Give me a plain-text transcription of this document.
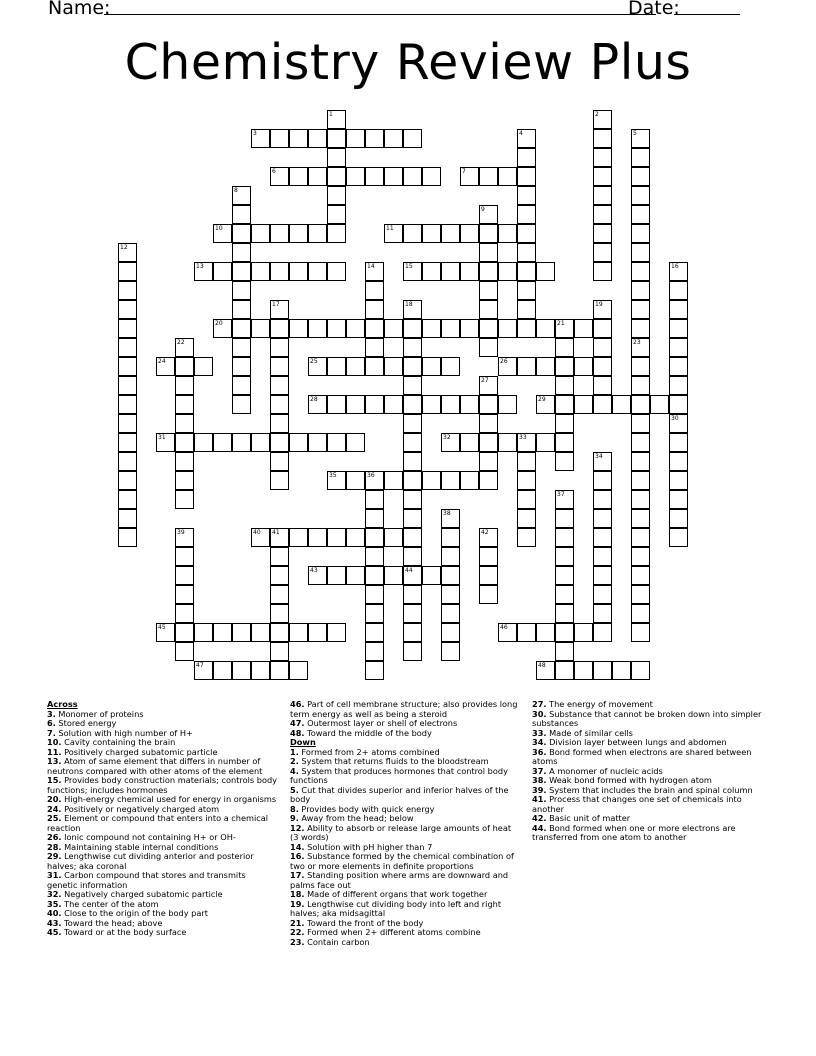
Name:	Date:
Chemistry Review Plus
1	2
3	4	5
6	7
8
9
10	11
12
13	14	15	16
30
17	18
44
19
20	21
22	23
24	25	26
27
28	29
31	32	33
34
35	36
37
38
39	40 41	42
43
45	46
47	48

Across

3. Monomer of proteins

6. Stored energy

7. Solution with high number of H+

10. Cavity containing the brain

11. Positively charged subatomic particle

13. Atom of same element that differs in number of neutrons compared with other atoms of the element

15. Provides body construction materials; controls body functions; includes hormones

20. High-energy chemical used for energy in organisms

24. Positively or negatively charged atom

25. Element or compound that enters into a chemical reaction

26. Ionic compound not containing H+ or OH-

28. Maintaining stable internal conditions

29. Lengthwise cut dividing anterior and posterior halves; aka coronal

31. Carbon compound that stores and transmits genetic information

32. Negatively charged subatomic particle

35. The center of the atom

40. Close to the origin of the body part

43. Toward the head; above

45. Toward or at the body surface

46. Part of cell membrane structure; also provides long term energy as well as being a steroid

47. Outermost layer or shell of electrons

48. Toward the middle of the body

Down

1. Formed from 2+ atoms combined

2. System that returns fluids to the bloodstream

4. System that produces hormones that control body functions

5. Cut that divides superior and inferior halves of the body

8. Provides body with quick energy

9. Away from the head; below

12. Ability to absorb or release large amounts of heat (3 words)

14. Solution with pH higher than 7

16. Substance formed by the chemical combination of two or more elements in definite proportions

17. Standing position where arms are downward and palms face out

18. Made of different organs that work together

19. Lengthwise cut dividing body into left and right halves; aka midsagittal

21. Toward the front of the body

22. Formed when 2+ different atoms combine

23. Contain carbon

27. The energy of movement

30. Substance that cannot be broken down into simpler substances

33. Made of similar cells

34. Division layer between lungs and abdomen

36. Bond formed when electrons are shared between atoms

37. A monomer of nucleic acids

38. Weak bond formed with hydrogen atom

39. System that includes the brain and spinal column

41. Process that changes one set of chemicals into another

42. Basic unit of matter

44. Bond formed when one or more electrons are transferred from one atom to another
